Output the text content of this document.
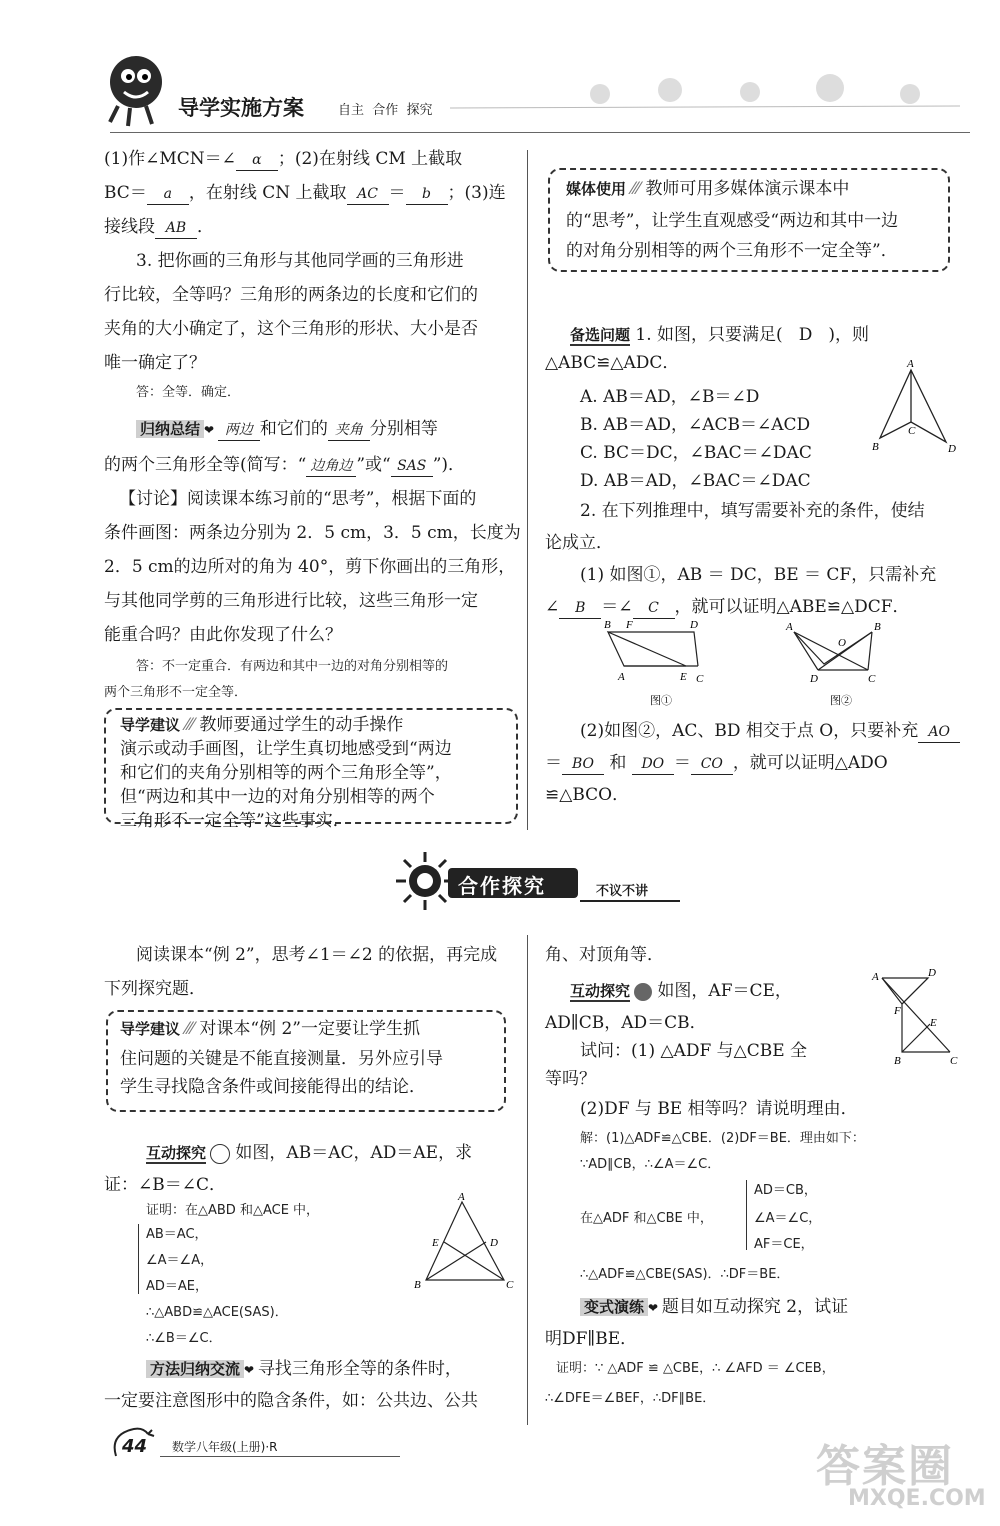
导学实施方案	自主  合作  探究
(1)作∠MCN＝∠ α ；(2)在射线 CM 上截取
BC＝ a ，在射线 CN 上截取 AC ＝ b ；(3)连
接线段 AB ．
3. 把你画的三角形与其他同学画的三角形进
行比较，全等吗？三角形的两条边的长度和它们的
夹角的大小确定了，这个三角形的形状、大小是否
唯一确定了？
答：全等．确定．
归纳总结 ❤ 两边 和它们的 夹角 分别相等
的两个三角形全等(简写：“ 边角边 ”或“ SAS ”)．
【讨论】阅读课本练习前的“思考”，根据下面的
条件画图：两条边分别为 2．5 cm，3．5 cm，长度为
2．5 cm的边所对的角为 40°，剪下你画出的三角形，
与其他同学剪的三角形进行比较，这些三角形一定
能重合吗？由此你发现了什么？
答：不一定重合．有两边和其中一边的对角分别相等的
两个三角形不一定全等．
导学建议 ⁄⁄⁄ 教师要通过学生的动手操作
演示或动手画图，让学生真切地感受到“两边
和它们的夹角分别相等的两个三角形全等”，
但“两边和其中一边的对角分别相等的两个
三角形不一定全等”这些事实．
媒体使用 ⁄⁄⁄ 教师可用多媒体演示课本中
的“思考”，让学生直观感受“两边和其中一边
的对角分别相等的两个三角形不一定全等”．
备选问题 1. 如图，只要满足( D )，则
△ABC≌△ADC．
A. AB＝AD，∠B＝∠D
B. AB＝AD，∠ACB＝∠ACD
C. BC＝DC，∠BAC＝∠DAC
D. AB＝AD，∠BAC＝∠DAC
A
B
C
D
2. 在下列推理中，填写需要补充的条件，使结
论成立．
(1) 如图①，AB ＝ DC，BE ＝ CF，只需补充
∠ B ＝∠ C ，就可以证明△ABE≌△DCF．
B F	D
A	E C
图①
A	B
O
D	C
图②
(2)如图②，AC、BD 相交于点 O，只要补充 AO
＝ BO 和 DO ＝ CO ，就可以证明△ADO
≌△BCO．
合作探究	不议不讲
阅读课本“例 2”，思考∠1＝∠2 的依据，再完成
下列探究题．
导学建议 ⁄⁄⁄ 对课本“例 2”一定要让学生抓
住问题的关键是不能直接测量．另外应引导
学生寻找隐含条件或间接能得出的结论．
互动探究 如图，AB＝AC，AD＝AE，求
证：∠B＝∠C．
证明：在△ABD 和△ACE 中，
AB＝AC，
∠A＝∠A，
AD＝AE，
∴△ABD≌△ACE(SAS)．
∴∠B＝∠C．
A
E	D
B	C
方法归纳交流 ❤ 寻找三角形全等的条件时，
一定要注意图形中的隐含条件，如：公共边、公共
角、对顶角等．
互动探究 如图，AF＝CE，
AD∥CB，AD＝CB．
试问：(1) △ADF 与△CBE 全
等吗？
(2)DF 与 BE 相等吗？请说明理由．
A	D
F
E
B	C
解：(1)△ADF≌△CBE．(2)DF＝BE．理由如下：
∵AD∥CB，∴∠A＝∠C．
在△ADF 和△CBE 中，
AD＝CB，
∠A＝∠C，
AF＝CE，
∴△ADF≌△CBE(SAS)．∴DF＝BE．
变式演练 ❤ 题目如互动探究 2，试证
明DF∥BE．
证明：∵ △ADF ≌ △CBE，∴ ∠AFD ＝ ∠CEB，
∴∠DFE＝∠BEF，∴DF∥BE．
44 数学八年级(上册)·R	答案圈
MXQE.COM
